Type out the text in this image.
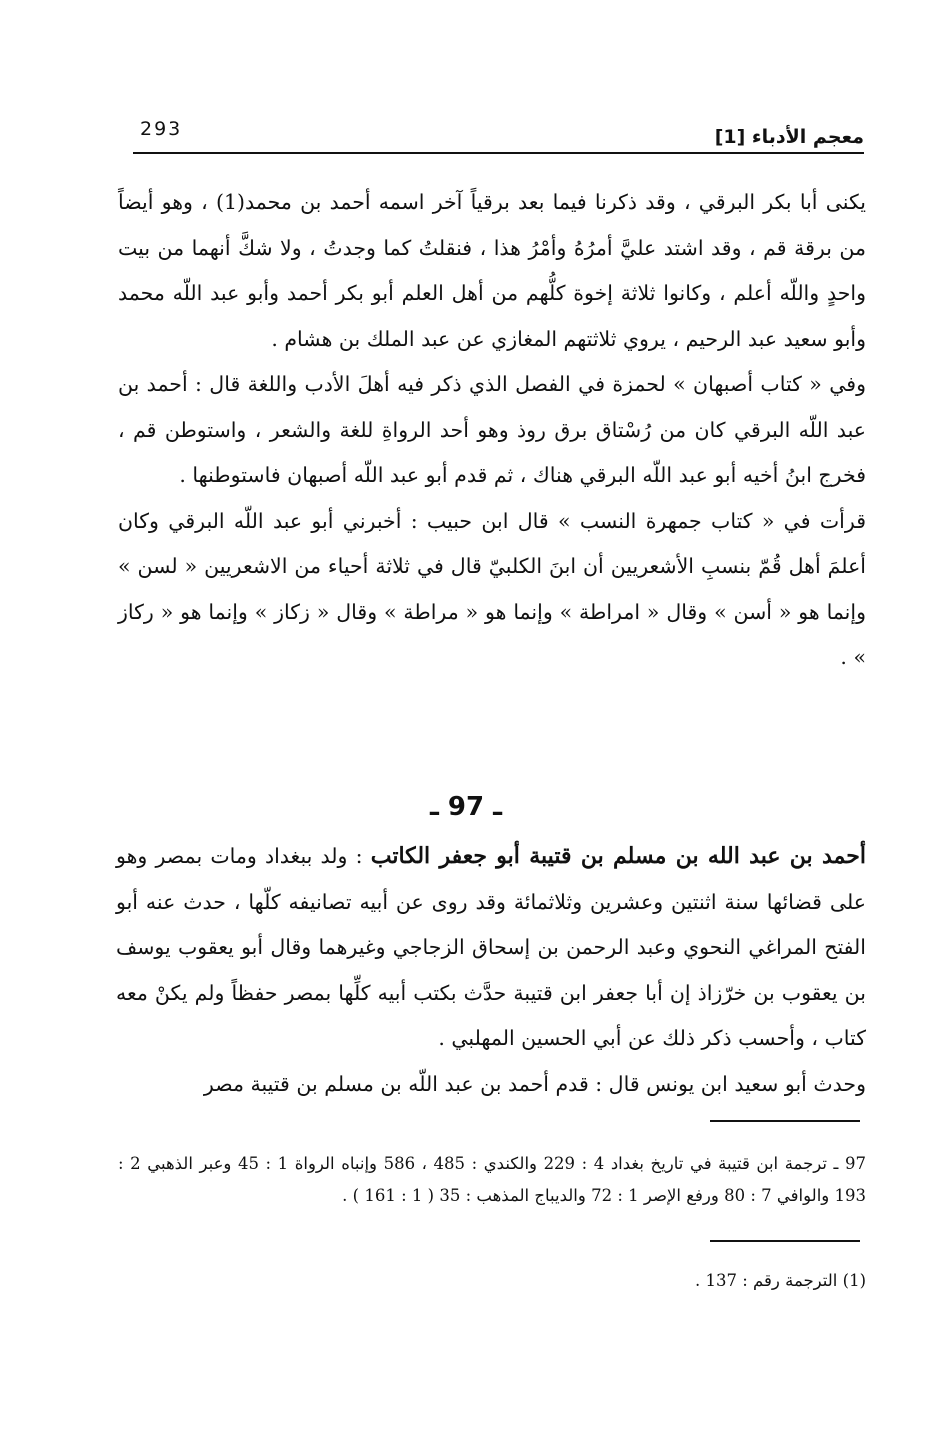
معجم الأدباء [1]
293

يكنى أبا بكر البرقي ، وقد ذكرنا فيما بعد برقياً آخر اسمه أحمد بن محمد(1) ، وهو أيضاً من برقة قم ، وقد اشتد عليَّ أمرُهُ وأمْرُ هذا ، فنقلتُ كما وجدتُ ، ولا شكَّ أنهما من بيت واحدٍ واللّه أعلم ، وكانوا ثلاثة إخوة كلُّهم من أهل العلم أبو بكر أحمد وأبو عبد اللّه محمد وأبو سعيد عبد الرحيم ، يروي ثلاثتهم المغازي عن عبد الملك بن هشام .

وفي « كتاب أصبهان » لحمزة في الفصل الذي ذكر فيه أهلَ الأدب واللغة قال : أحمد بن عبد اللّه البرقي كان من رُسْتاق برق روذ وهو أحد الرواةِ للغة والشعر ، واستوطن قم ، فخرج ابنُ أخيه أبو عبد اللّه البرقي هناك ، ثم قدم أبو عبد اللّه أصبهان فاستوطنها .

قرأت في « كتاب جمهرة النسب » قال ابن حبيب : أخبرني أبو عبد اللّه البرقي وكان أعلمَ أهل قُمّ بنسبِ الأشعريين أن ابنَ الكلبيّ قال في ثلاثة أحياء من الاشعريين « لسن » وإنما هو « أسن » وقال « امراطة » وإنما هو « مراطة » وقال « زكاز » وإنما هو « ركاز » .

ـ 97 ـ

أحمد بن عبد الله بن مسلم بن قتيبة أبو جعفر الكاتب : ولد ببغداد ومات بمصر وهو على قضائها سنة اثنتين وعشرين وثلاثمائة وقد روى عن أبيه تصانيفه كلّها ، حدث عنه أبو الفتح المراغي النحوي وعبد الرحمن بن إسحاق الزجاجي وغيرهما وقال أبو يعقوب يوسف بن يعقوب بن خرّزاذ إن أبا جعفر ابن قتيبة حدَّث بكتب أبيه كلِّها بمصر حفظاً ولم يكنْ معه كتاب ، وأحسب ذكر ذلك عن أبي الحسين المهلبي .

وحدث أبو سعيد ابن يونس قال : قدم أحمد بن عبد اللّه بن مسلم بن قتيبة مصر

97 ـ ترجمة ابن قتيبة في تاريخ بغداد 4 : 229 والكندي : 485 ، 586 وإنباه الرواة 1 : 45 وعبر الذهبي 2 : 193 والوافي 7 : 80 ورفع الإصر 1 : 72 والديباج المذهب : 35 ( 1 : 161 ) .

(1) الترجمة رقم : 137 .
